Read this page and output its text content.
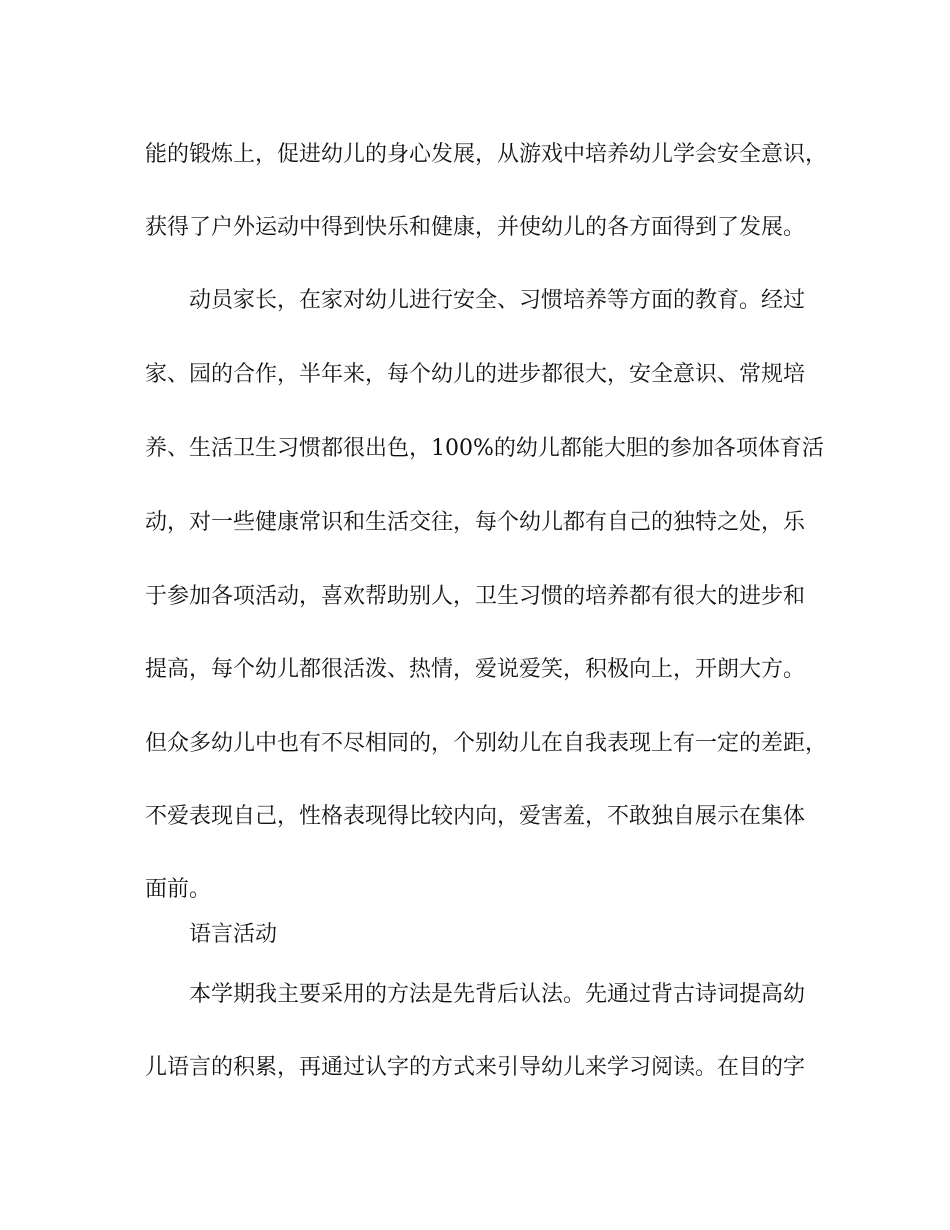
能的锻炼上，促进幼儿的身心发展，从游戏中培养幼儿学会安全意识，
获得了户外运动中得到快乐和健康，并使幼儿的各方面得到了发展。
动员家长，在家对幼儿进行安全、习惯培养等方面的教育。经过
家、园的合作，半年来，每个幼儿的进步都很大，安全意识、常规培
养、生活卫生习惯都很出色，100%的幼儿都能大胆的参加各项体育活
动，对一些健康常识和生活交往，每个幼儿都有自己的独特之处，乐
于参加各项活动，喜欢帮助别人，卫生习惯的培养都有很大的进步和
提高，每个幼儿都很活泼、热情，爱说爱笑，积极向上，开朗大方。
但众多幼儿中也有不尽相同的，个别幼儿在自我表现上有一定的差距，
不爱表现自己，性格表现得比较内向，爱害羞，不敢独自展示在集体
面前。
语言活动
本学期我主要采用的方法是先背后认法。先通过背古诗词提高幼
儿语言的积累，再通过认字的方式来引导幼儿来学习阅读。在目的字
